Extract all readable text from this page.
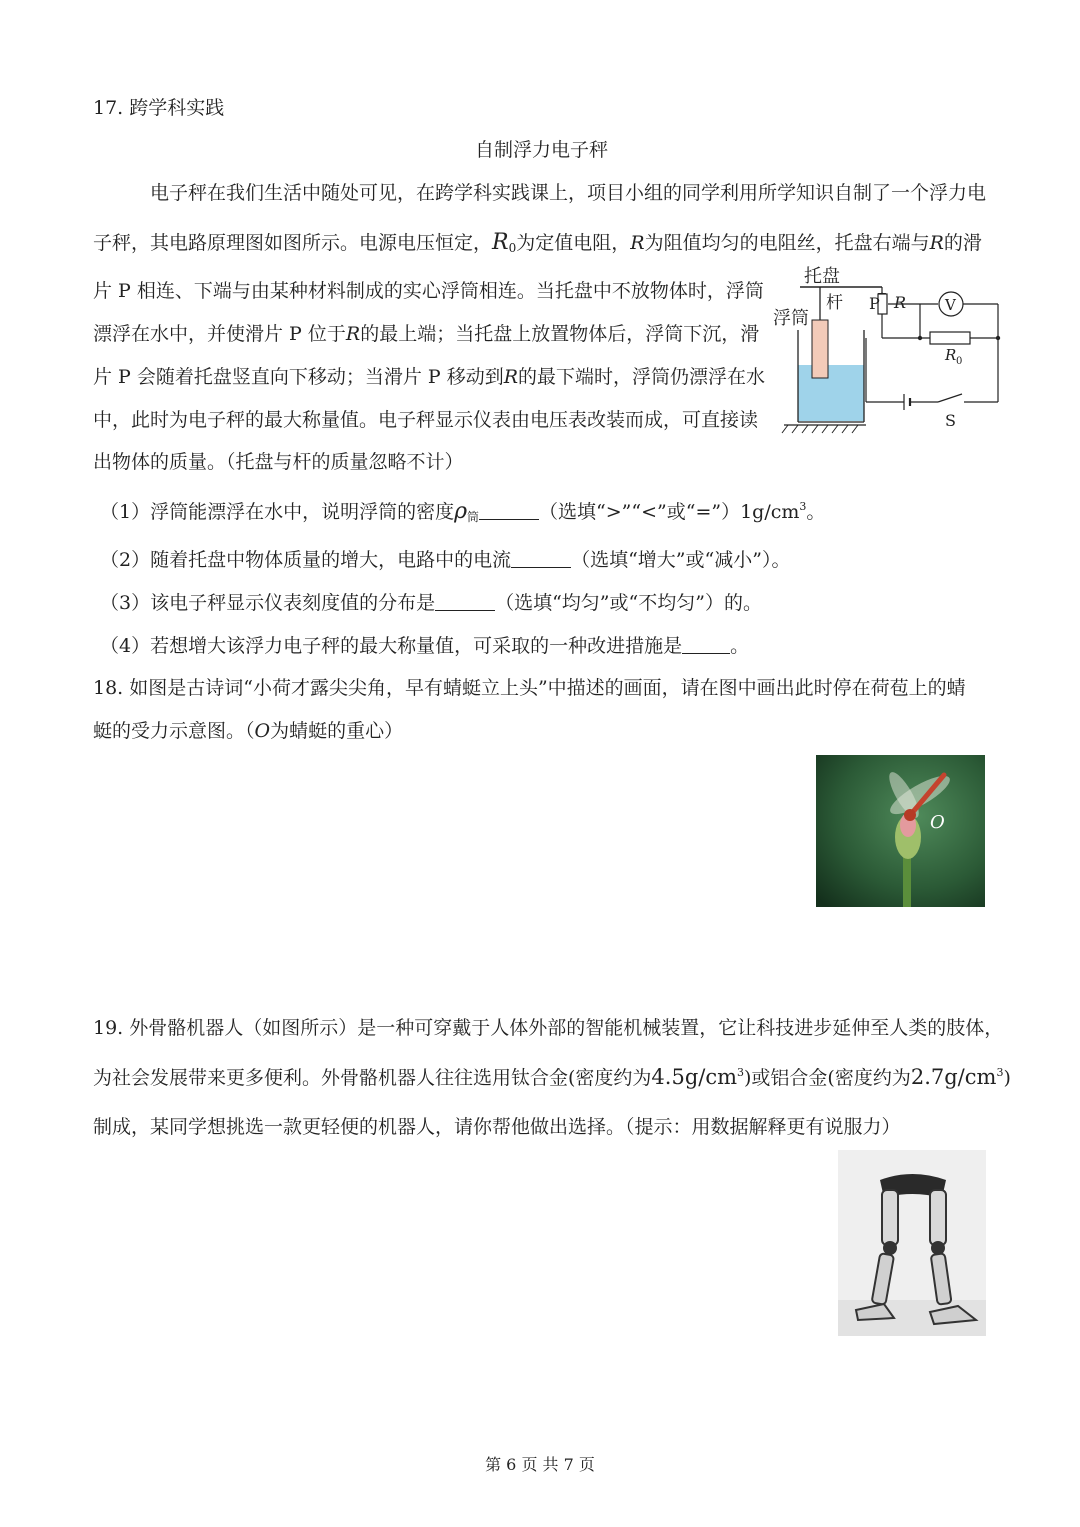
17. 跨学科实践
自制浮力电子秤
电子秤在我们生活中随处可见，在跨学科实践课上，项目小组的同学利用所学知识自制了一个浮力电
子秤，其电路原理图如图所示。电源电压恒定，$R_0$为定值电阻，R为阻值均匀的电阻丝，托盘右端与R的滑
片 P 相连、下端与由某种材料制成的实心浮筒相连。当托盘中不放物体时，浮筒
漂浮在水中，并使滑片 P 位于R的最上端；当托盘上放置物体后，浮筒下沉，滑
片 P 会随着托盘竖直向下移动；当滑片 P 移动到R的最下端时，浮筒仍漂浮在水
中，此时为电子秤的最大称量值。电子秤显示仪表由电压表改装而成，可直接读
出物体的质量。（托盘与杆的质量忽略不计）
托盘
杆
浮筒
P R	V
R 0
S
（1）浮筒能漂浮在水中，说明浮筒的密度$\rho_筒$	（选填“>”“<”或“$=”)1g/cm^3$。
（2）随着托盘中物体质量的增大，电路中的电流	（选填“增大”或“减小”）。
（3）该电子秤显示仪表刻度值的分布是	（选填“均匀”或“不均匀”）的。
（4）若想增大该浮力电子秤的最大称量值，可采取的一种改进措施是	。
18. 如图是古诗词“小荷才露尖尖角，早有蜻蜓立上头”中描述的画面，请在图中画出此时停在荷苞上的蜻
蜓的受力示意图。（O为蜻蜓的重心）
O
19. 外骨骼机器人（如图所示）是一种可穿戴于人体外部的智能机械装置，它让科技进步延伸至人类的肢体，
为社会发展带来更多便利。外骨骼机器人往往选用钛合金(密度约为$4.5g/cm^3$)或铝合金(密度约为$2.7g/cm^3$)
制成，某同学想挑选一款更轻便的机器人，请你帮他做出选择。（提示：用数据解释更有说服力）
第 6 页 共 7 页
